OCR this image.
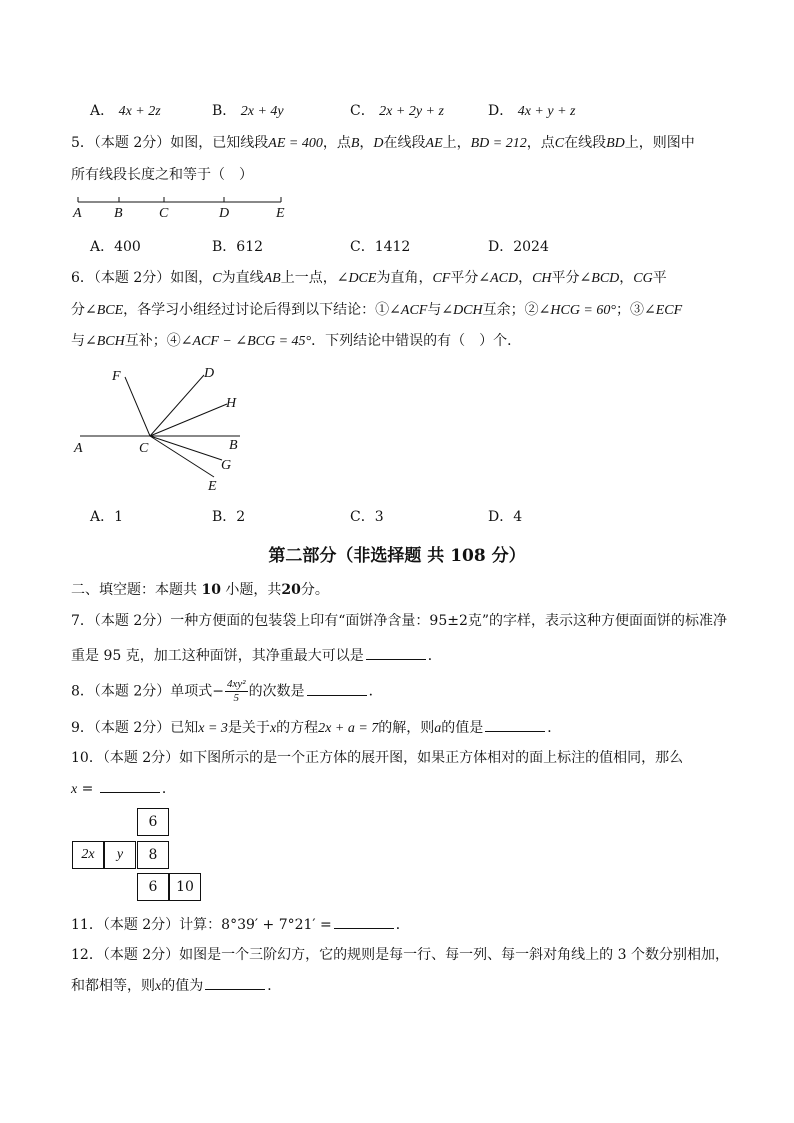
A． 4x + 2z	B． 2x + 4y	C． 2x + 2y + z	D． 4x + y + z
5．（本题 2分）如图，已知线段AE = 400，点B，D在线段AE上，BD = 212，点C在线段BD上，则图中
所有线段长度之和等于（　）
A B	C	D	E
A．400	B．612	C．1412	D．2024
6．（本题 2分）如图，C为直线AB上一点，∠DCE为直角，CF平分∠ACD，CH平分∠BCD，CG平
分∠BCE，各学习小组经过讨论后得到以下结论：①∠ACF与∠DCH互余；②∠HCG = 60°；③∠ECF
与∠BCH互补；④∠ACF − ∠BCG = 45°．下列结论中错误的有（　）个．
F	D
H
A	C	B
G
E
A．1	B．2	C．3	D．4
第二部分（非选择题 共 108 分）
二、填空题：本题共 10 小题，共20分。
7．（本题 2分）一种方便面的包装袋上印有“面饼净含量：95±2克”的字样，表示这种方便面面饼的标准净
重是 95 克，加工这种面饼，其净重最大可以是	．
8．（本题 2分）单项式− $\frac{\text{4xy²}}{5}$ 的次数是	．
9．（本题 2分）已知x = 3是关于x的方程2x + a = 7的解，则a的值是	．
10．（本题 2分）如下图所示的是一个正方体的展开图，如果正方体相对的面上标注的值相同，那么
x =	．
6
2x	y	8
6	10
11．（本题 2分）计算：8°39′ + 7°21′ =	．
12．（本题 2分）如图是一个三阶幻方，它的规则是每一行、每一列、每一斜对角线上的 3 个数分别相加，
和都相等，则x的值为	．
